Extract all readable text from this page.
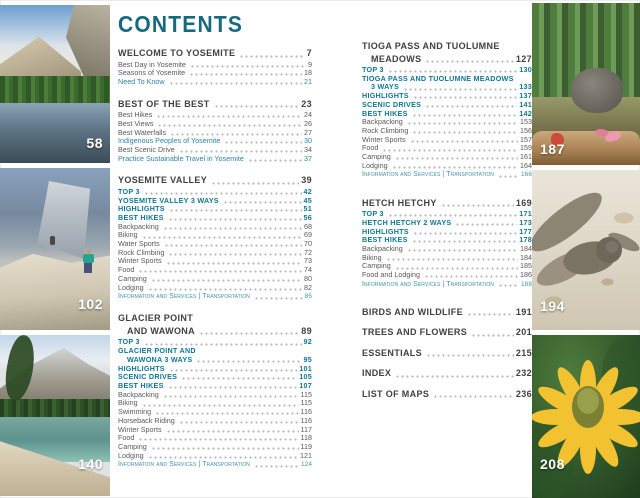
58
102
140
187
194
208
CONTENTS
WELCOME TO YOSEMITE	7
Best Day in Yosemite	9
Seasons of Yosemite	18
Need To Know	21
BEST OF THE BEST	23
Best Hikes	24
Best Views	26
Best Waterfalls	27
Indigenous Peoples of Yosemite	30
Best Scenic Drive	34
Practice Sustainable Travel in Yosemite	37
YOSEMITE VALLEY	39
TOP 3	42
YOSEMITE VALLEY 3 WAYS	45
HIGHLIGHTS	51
BEST HIKES	56
Backpacking	68
Biking	69
Water Sports	70
Rock Climbing	72
Winter Sports	73
Food	74
Camping	80
Lodging	82
Information and Services | Transportation	85
GLACIER POINT
AND WAWONA	89
TOP 3	92
GLACIER POINT AND
WAWONA 3 WAYS	95
HIGHLIGHTS	101
SCENIC DRIVES	105
BEST HIKES	107
Backpacking	115
Biking	115
Swimming	116
Horseback Riding	116
Winter Sports	117
Food	118
Camping	119
Lodging	121
Information and Services | Transportation	124
TIOGA PASS AND TUOLUMNE
MEADOWS	127
TOP 3	130
TIOGA PASS AND TUOLUMNE MEADOWS
3 WAYS	133
HIGHLIGHTS	137
SCENIC DRIVES	141
BEST HIKES	142
Backpacking	153
Rock Climbing	156
Winter Sports	157
Food	159
Camping	161
Lodging	164
Information and Services | Transportation	166
HETCH HETCHY	169
TOP 3	171
HETCH HETCHY 2 WAYS	173
HIGHLIGHTS	177
BEST HIKES	178
Backpacking	184
Biking	184
Camping	185
Food and Lodging	186
Information and Services | Transportation	188
BIRDS AND WILDLIFE	191
TREES AND FLOWERS	201
ESSENTIALS	215
INDEX	232
LIST OF MAPS	236
